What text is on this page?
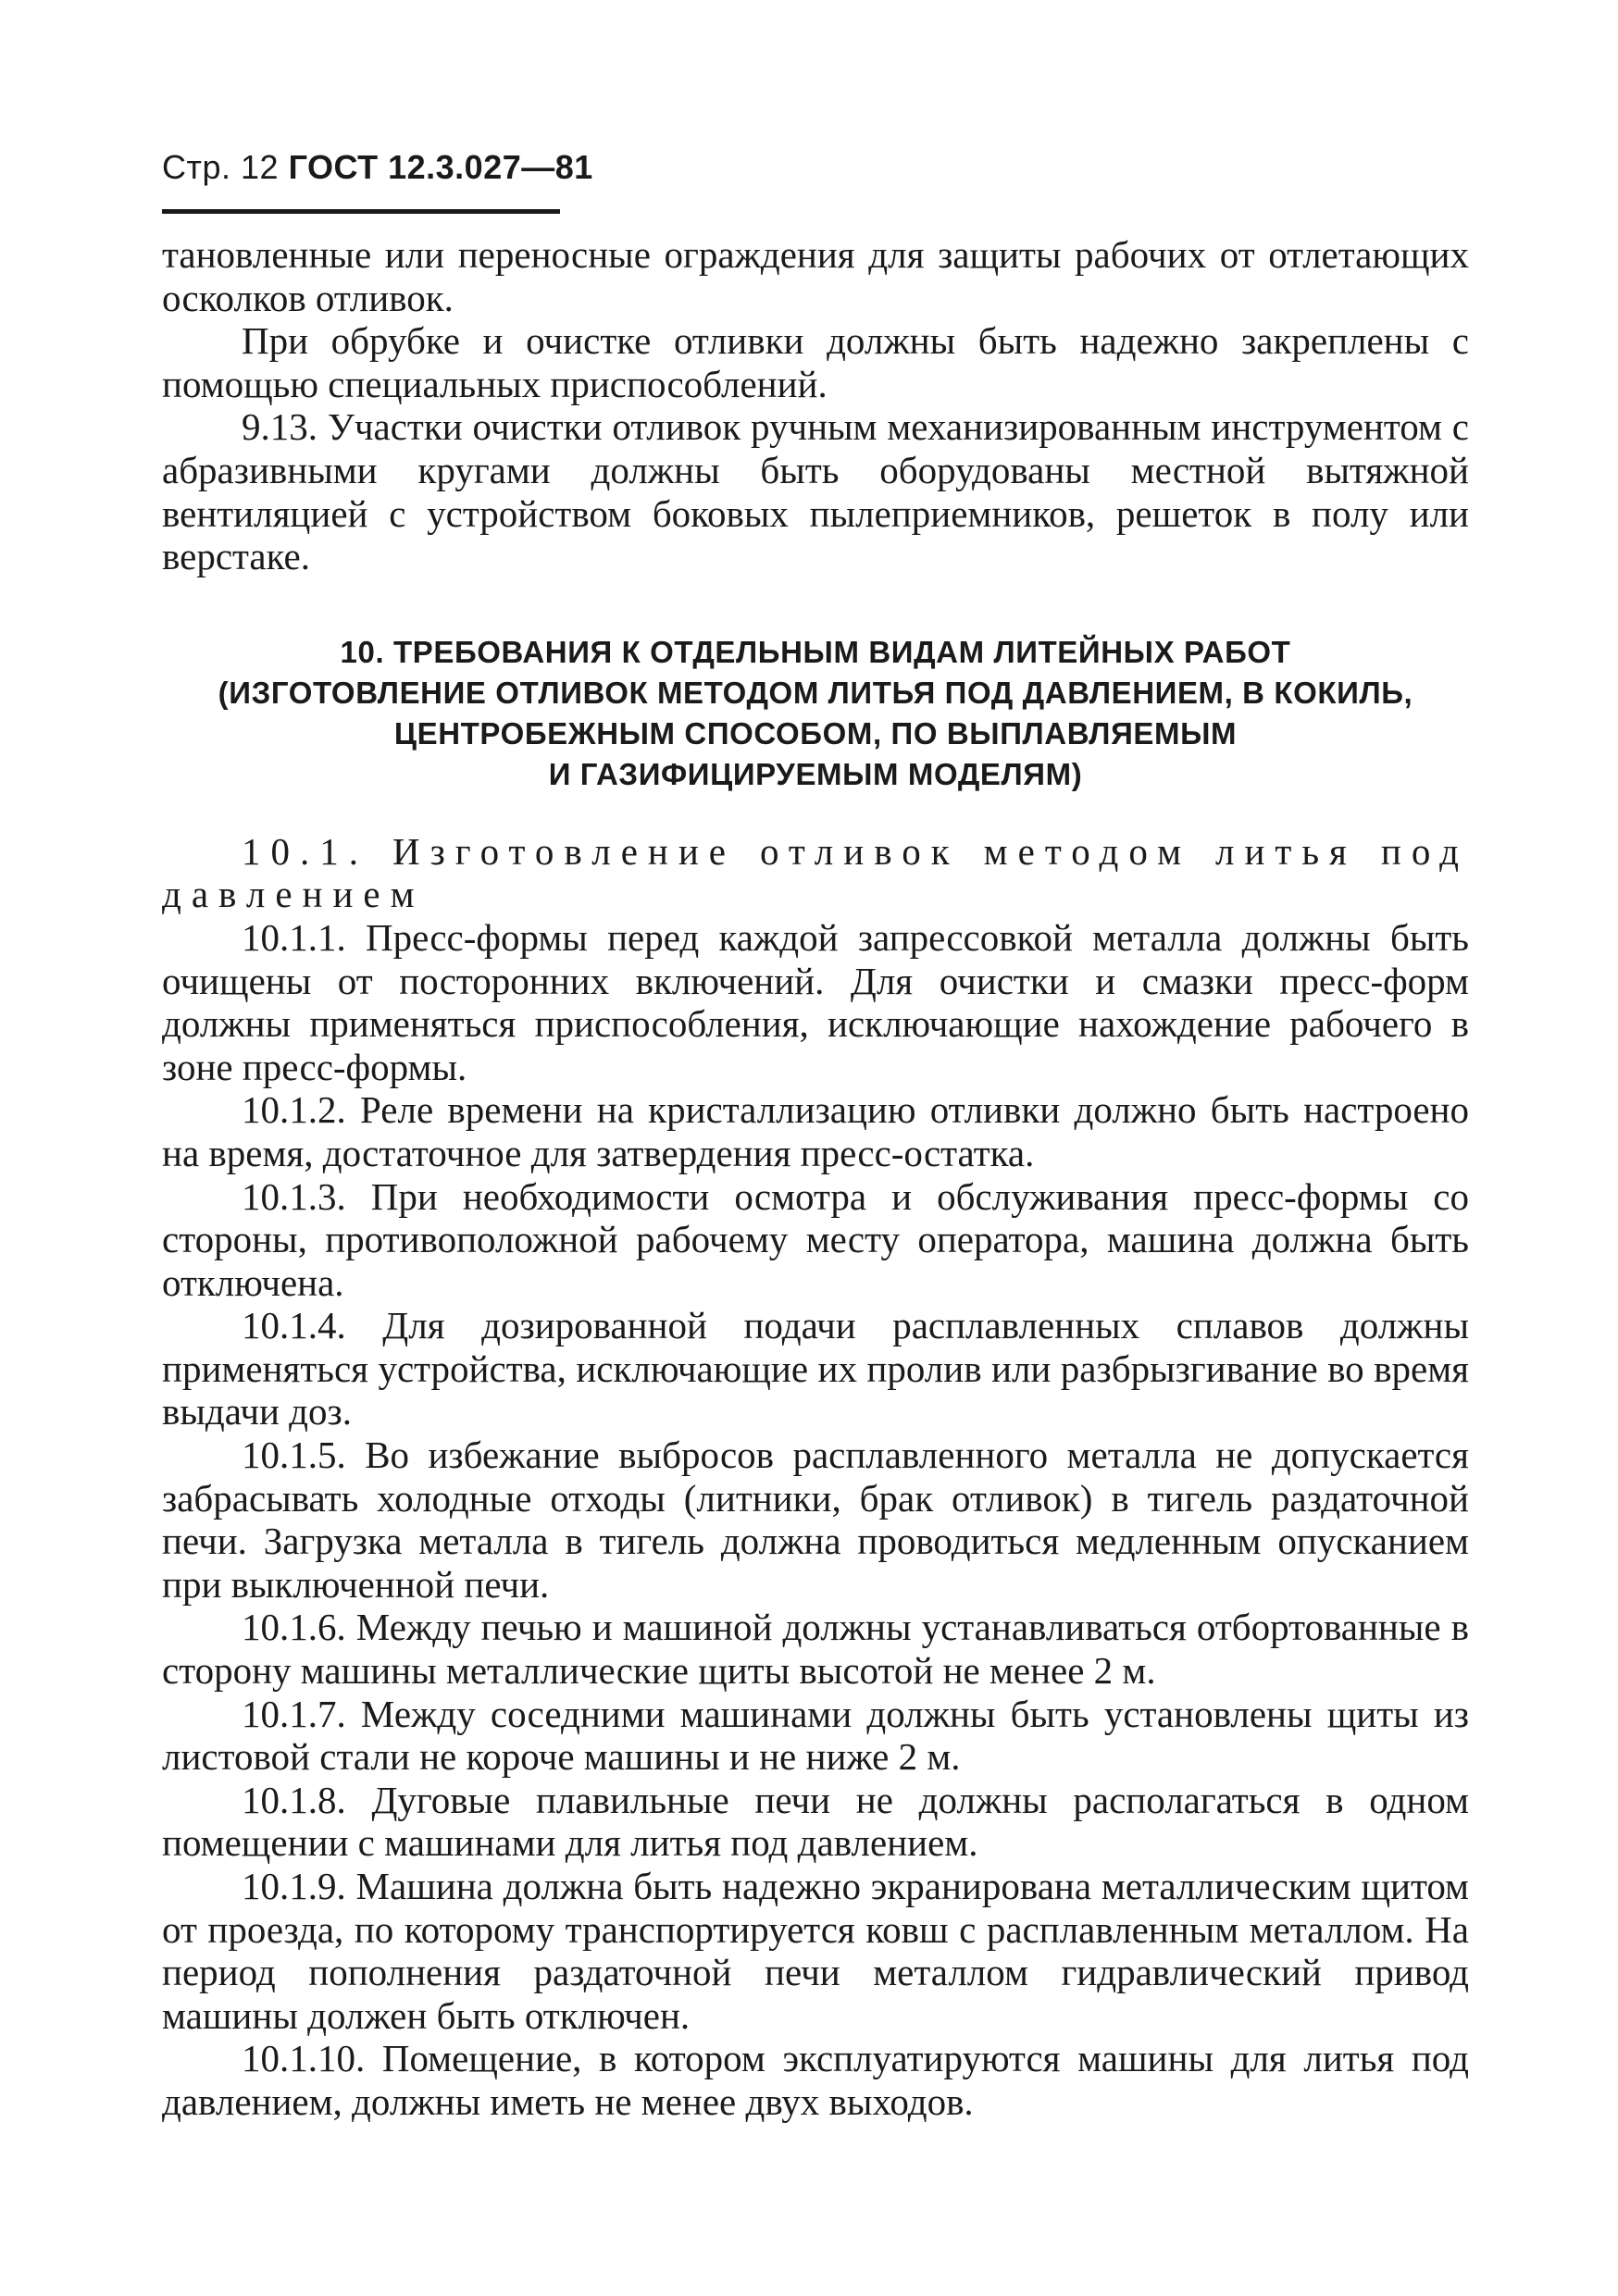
Стр. 12 ГОСТ 12.3.027—81

тановленные или переносные ограждения для защиты рабочих от отлетающих осколков отливок.

При обрубке и очистке отливки должны быть надежно закреплены с помощью специальных приспособлений.

9.13. Участки очистки отливок ручным механизированным инструментом с абразивными кругами должны быть оборудованы местной вытяжной вентиляцией с устройством боковых пылеприемников, решеток в полу или верстаке.

10. ТРЕБОВАНИЯ К ОТДЕЛЬНЫМ ВИДАМ ЛИТЕЙНЫХ РАБОТ
(ИЗГОТОВЛЕНИЕ ОТЛИВОК МЕТОДОМ ЛИТЬЯ ПОД ДАВЛЕНИЕМ, В КОКИЛЬ,
ЦЕНТРОБЕЖНЫМ СПОСОБОМ, ПО ВЫПЛАВЛЯЕМЫМ
И ГАЗИФИЦИРУЕМЫМ МОДЕЛЯМ)

10.1. Изготовление отливок методом литья под давлением

10.1.1. Пресс-формы перед каждой запрессовкой металла должны быть очищены от посторонних включений. Для очистки и смазки пресс-форм должны применяться приспособления, исключающие нахождение рабочего в зоне пресс-формы.

10.1.2. Реле времени на кристаллизацию отливки должно быть настроено на время, достаточное для затвердения пресс-остатка.

10.1.3. При необходимости осмотра и обслуживания пресс-формы со стороны, противоположной рабочему месту оператора, машина должна быть отключена.

10.1.4. Для дозированной подачи расплавленных сплавов должны применяться устройства, исключающие их пролив или разбрызгивание во время выдачи доз.

10.1.5. Во избежание выбросов расплавленного металла не допускается забрасывать холодные отходы (литники, брак отливок) в тигель раздаточной печи. Загрузка металла в тигель должна проводиться медленным опусканием при выключенной печи.

10.1.6. Между печью и машиной должны устанавливаться отбортованные в сторону машины металлические щиты высотой не менее 2 м.

10.1.7. Между соседними машинами должны быть установлены щиты из листовой стали не короче машины и не ниже 2 м.

10.1.8. Дуговые плавильные печи не должны располагаться в одном помещении с машинами для литья под давлением.

10.1.9. Машина должна быть надежно экранирована металлическим щитом от проезда, по которому транспортируется ковш с расплавленным металлом. На период пополнения раздаточной печи металлом гидравлический привод машины должен быть отключен.

10.1.10. Помещение, в котором эксплуатируются машины для литья под давлением, должны иметь не менее двух выходов.
